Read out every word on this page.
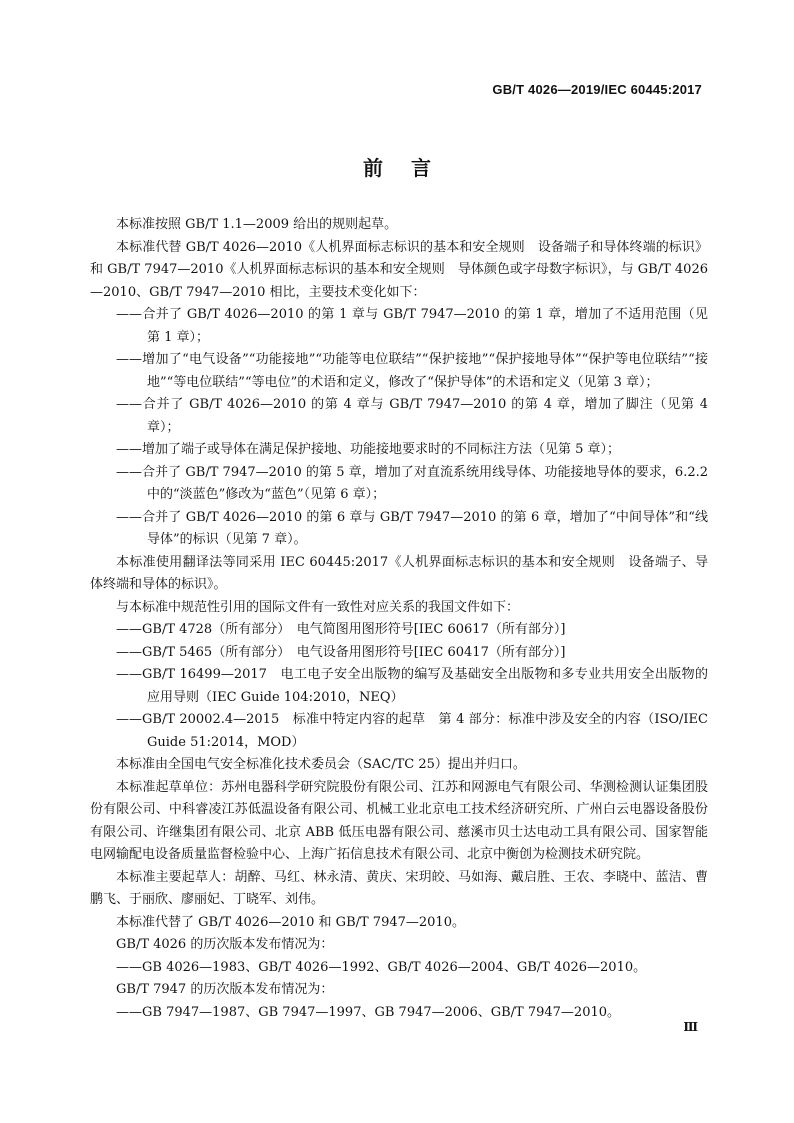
GB/T 4026—2019/IEC 60445:2017
前言

本标准按照 GB/T 1.1—2009 给出的规则起草。

本标准代替 GB/T 4026—2010《人机界面标志标识的基本和安全规则　设备端子和导体终端的标识》和 GB/T 7947—2010《人机界面标志标识的基本和安全规则　导体颜色或字母数字标识》，与 GB/T 4026—2010、GB/T 7947—2010 相比，主要技术变化如下：

——合并了 GB/T 4026—2010 的第 1 章与 GB/T 7947—2010 的第 1 章，增加了不适用范围（见第 1 章）；

——增加了“电气设备”“功能接地”“功能等电位联结”“保护接地”“保护接地导体”“保护等电位联结”“接地”“等电位联结”“等电位”的术语和定义，修改了“保护导体”的术语和定义（见第 3 章）；

——合并了 GB/T 4026—2010 的第 4 章与 GB/T 7947—2010 的第 4 章，增加了脚注（见第 4 章）；

——增加了端子或导体在满足保护接地、功能接地要求时的不同标注方法（见第 5 章）；

——合并了 GB/T 7947—2010 的第 5 章，增加了对直流系统用线导体、功能接地导体的要求，6.2.2 中的“淡蓝色”修改为“蓝色”（见第 6 章）；

——合并了 GB/T 4026—2010 的第 6 章与 GB/T 7947—2010 的第 6 章，增加了“中间导体”和“线导体”的标识（见第 7 章）。

本标准使用翻译法等同采用 IEC 60445:2017《人机界面标志标识的基本和安全规则　设备端子、导体终端和导体的标识》。

与本标准中规范性引用的国际文件有一致性对应关系的我国文件如下：

——GB/T 4728（所有部分）　电气简图用图形符号[IEC 60617（所有部分）]

——GB/T 5465（所有部分）　电气设备用图形符号[IEC 60417（所有部分）]

——GB/T 16499—2017　电工电子安全出版物的编写及基础安全出版物和多专业共用安全出版物的应用导则（IEC Guide 104:2010，NEQ）

——GB/T 20002.4—2015　标准中特定内容的起草　第 4 部分：标准中涉及安全的内容（ISO/IEC Guide 51:2014，MOD）

本标准由全国电气安全标准化技术委员会（SAC/TC 25）提出并归口。

本标准起草单位：苏州电器科学研究院股份有限公司、江苏和网源电气有限公司、华测检测认证集团股份有限公司、中科睿凌江苏低温设备有限公司、机械工业北京电工技术经济研究所、广州白云电器设备股份有限公司、许继集团有限公司、北京 ABB 低压电器有限公司、慈溪市贝士达电动工具有限公司、国家智能电网输配电设备质量监督检验中心、上海广拓信息技术有限公司、北京中衡创为检测技术研究院。

本标准主要起草人：胡醉、马红、林永清、黄庆、宋玥皎、马如海、戴启胜、王农、李晓中、蓝洁、曹鹏飞、于丽欣、廖丽妃、丁晓军、刘伟。

本标准代替了 GB/T 4026—2010 和 GB/T 7947—2010。

GB/T 4026 的历次版本发布情况为：

——GB 4026—1983、GB/T 4026—1992、GB/T 4026—2004、GB/T 4026—2010。

GB/T 7947 的历次版本发布情况为：

——GB 7947—1987、GB 7947—1997、GB 7947—2006、GB/T 7947—2010。

Ⅲ
